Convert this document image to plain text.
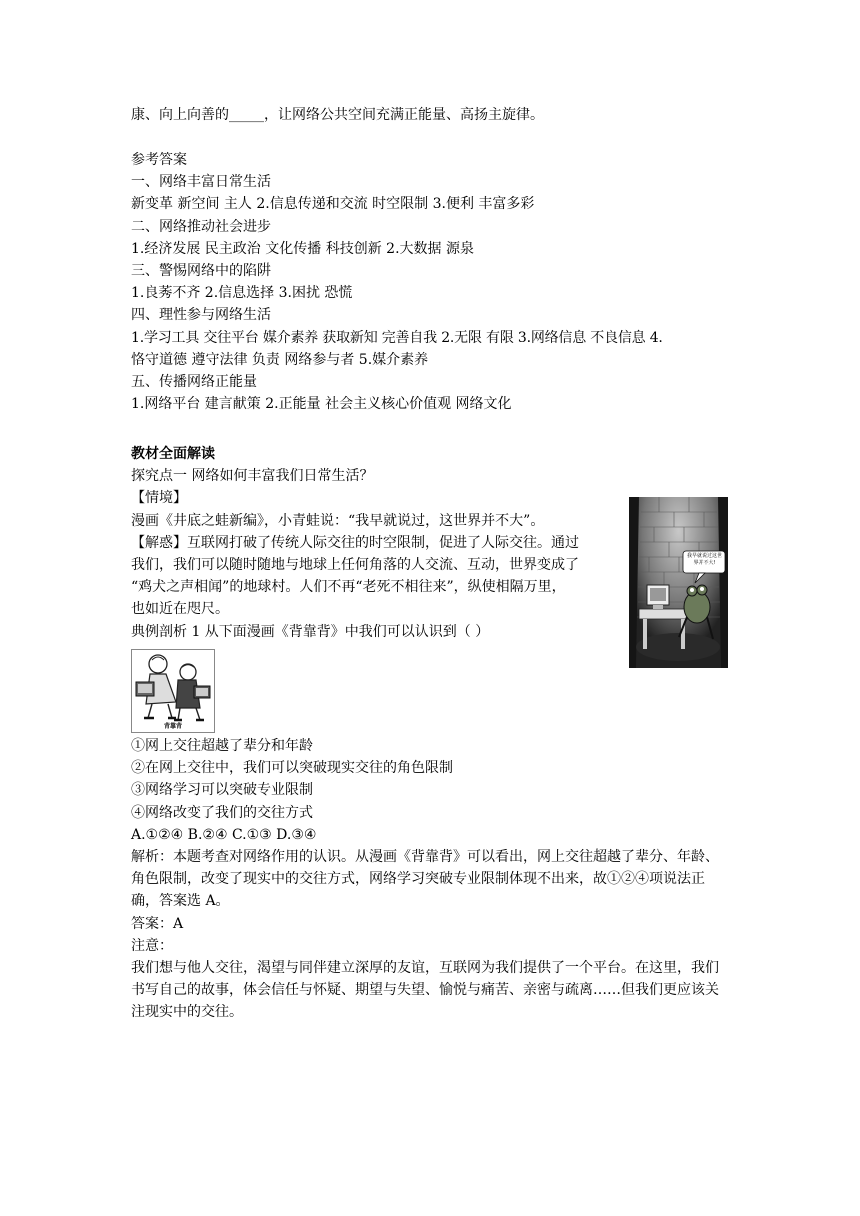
康、向上向善的_____，让网络公共空间充满正能量、高扬主旋律。
参考答案
一、网络丰富日常生活
新变革 新空间 主人 2.信息传递和交流 时空限制 3.便利 丰富多彩
二、网络推动社会进步
1.经济发展 民主政治 文化传播 科技创新 2.大数据 源泉
三、警惕网络中的陷阱
1.良莠不齐 2.信息选择 3.困扰 恐慌
四、理性参与网络生活
1.学习工具 交往平台 媒介素养 获取新知 完善自我 2.无限 有限 3.网络信息 不良信息 4.
恪守道德 遵守法律 负责 网络参与者 5.媒介素养
五、传播网络正能量
1.网络平台 建言献策 2.正能量 社会主义核心价值观 网络文化
教材全面解读
探究点一 网络如何丰富我们日常生活？
【情境】
漫画《井底之蛙新编》，小青蛙说：“我早就说过，这世界并不大”。
【解惑】互联网打破了传统人际交往的时空限制，促进了人际交往。通过
我们，我们可以随时随地与地球上任何角落的人交流、互动，世界变成了
“鸡犬之声相闻”的地球村。人们不再“老死不相往来”，纵使相隔万里，
也如近在咫尺。
典例剖析 1 从下面漫画《背靠背》中我们可以认识到（ ）
背靠背
我早就说过这世界并不大!
①网上交往超越了辈分和年龄
②在网上交往中，我们可以突破现实交往的角色限制
③网络学习可以突破专业限制
④网络改变了我们的交往方式
A.①②④ B.②④ C.①③ D.③④
解析：本题考查对网络作用的认识。从漫画《背靠背》可以看出，网上交往超越了辈分、年龄、角色限制，改变了现实中的交往方式，网络学习突破专业限制体现不出来，故①②④项说法正确，答案选 A。
答案：A
注意：
我们想与他人交往，渴望与同伴建立深厚的友谊，互联网为我们提供了一个平台。在这里，我们书写自己的故事，体会信任与怀疑、期望与失望、愉悦与痛苦、亲密与疏离……但我们更应该关注现实中的交往。
